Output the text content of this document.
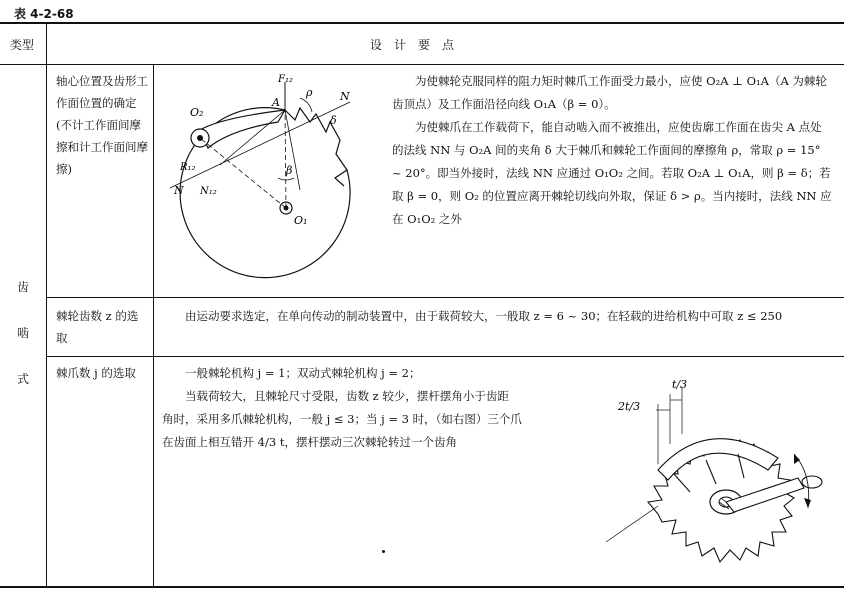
表 4-2-68
类型	设　计　要　点
齿
啮
式
轴心位置及齿形工作面位置的确定(不计工作面间摩擦和计工作面间摩擦)
O₂
F₁₂
A
ρ	N
δ
R₁₂
N N₁₂
β
O₁

为使棘轮克服同样的阻力矩时棘爪工作面受力最小，应使 O₂A ⊥ O₁A（A 为棘轮齿顶点）及工作面沿径向线 O₁A（β = 0）。

为使棘爪在工作载荷下，能自动啮入而不被推出，应使齿廓工作面在齿尖 A 点处的法线 NN 与 O₂A 间的夹角 δ 大于棘爪和棘轮工作面间的摩擦角 ρ，常取 ρ = 15° ~ 20°。即当外接时，法线 NN 应通过 O₁O₂ 之间。若取 O₂A ⊥ O₁A，则 β = δ；若取 β = 0，则 O₂ 的位置应离开棘轮切线向外取，保证 δ > ρ。当内接时，法线 NN 应在 O₁O₂ 之外

棘轮齿数 z 的选取

由运动要求选定，在单向传动的制动装置中，由于载荷较大，一般取 z = 6 ~ 30；在轻载的进给机构中可取 z ≤ 250

棘爪数 j 的选取	一般棘轮机构 j = 1；双动式棘轮机构 j = 2；
当载荷较大，且棘轮尺寸受限，齿数 z 较少，摆杆摆角小于齿距
角时，采用多爪棘轮机构，一般 j ≤ 3；当 j = 3 时，（如右图）三个爪
在齿面上相互错开 4/3 t，摆杆摆动三次棘轮转过一个齿角
t/3
2t/3
